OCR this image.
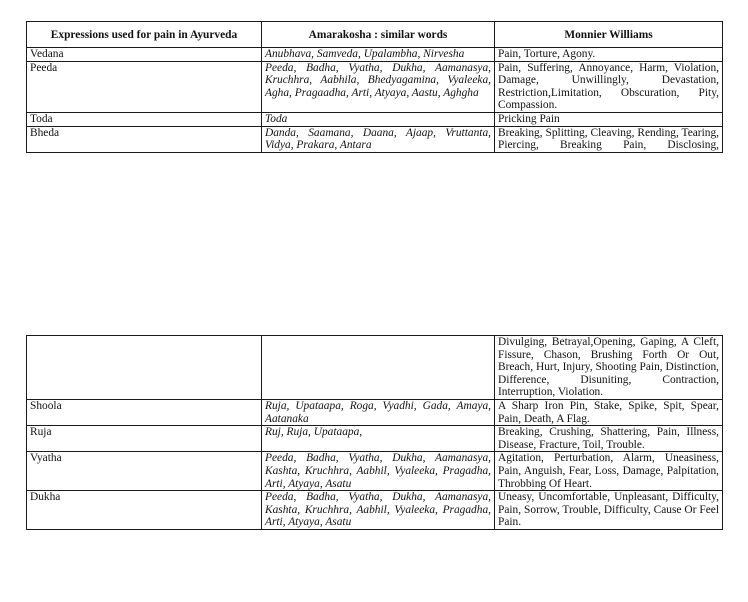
Expressions used for pain in Ayurveda	Amarakosha : similar words	Monnier Williams
Vedana	Anubhava, Samveda, Upalambha, Nirvesha	Pain, Torture, Agony.
Peeda	Peeda, Badha, Vyatha, Dukha, Aamanasya, Kruchhra, Aabhila, Bhedyagamina, Vyaleeka, Agha, Pragaadha, Arti, Atyaya, Aastu, Aghgha	Pain, Suffering, Annoyance, Harm, Violation, Damage, Unwillingly, Devastation, Restriction,Limitation, Obscuration, Pity, Compassion.
Toda	Toda	Pricking Pain
Bheda	Danda, Saamana, Daana, Ajaap, Vruttanta, Vidya, Prakara, Antara	Breaking, Splitting, Cleaving, Rending, Tearing, Piercing, Breaking Pain, Disclosing,
		Divulging, Betrayal,Opening, Gaping, A Cleft, Fissure, Chason, Brushing Forth Or Out, Breach, Hurt, Injury, Shooting Pain, Distinction, Difference, Disuniting, Contraction, Interruption, Violation.
Shoola	Ruja, Upataapa, Roga, Vyadhi, Gada, Amaya, Aatanaka	A Sharp Iron Pin, Stake, Spike, Spit, Spear, Pain, Death, A Flag.
Ruja	Ruj, Ruja, Upataapa,	Breaking, Crushing, Shattering, Pain, Illness, Disease, Fracture, Toil, Trouble.
Vyatha	Peeda, Badha, Vyatha, Dukha, Aamanasya, Kashta, Kruchhra, Aabhil, Vyaleeka, Pragadha, Arti, Atyaya, Asatu	Agitation, Perturbation, Alarm, Uneasiness, Pain, Anguish, Fear, Loss, Damage, Palpitation, Throbbing Of Heart.
Dukha	Peeda, Badha, Vyatha, Dukha, Aamanasya, Kashta, Kruchhra, Aabhil, Vyaleeka, Pragadha, Arti, Atyaya, Asatu	Uneasy, Uncomfortable, Unpleasant, Difficulty, Pain, Sorrow, Trouble, Difficulty, Cause Or Feel Pain.
